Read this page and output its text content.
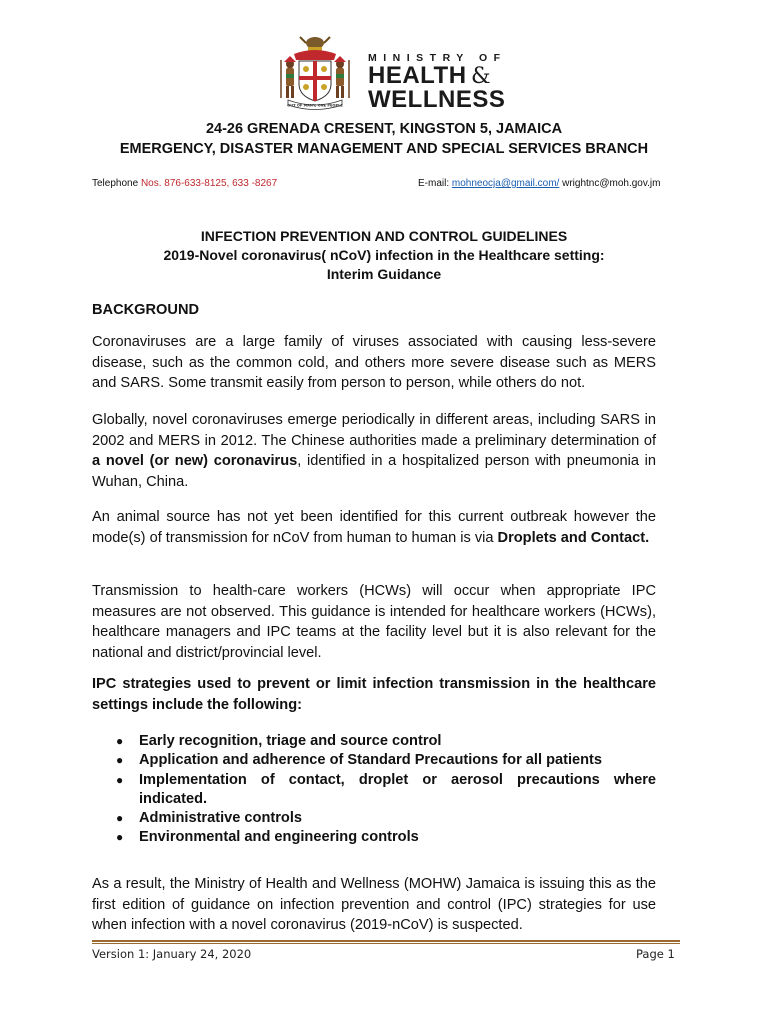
OUT OF MANY, ONE PEOPLE
MINISTRY OF
HEALTH &
WELLNESS
24-26 GRENADA CRESENT, KINGSTON 5, JAMAICA
EMERGENCY, DISASTER MANAGEMENT AND SPECIAL SERVICES BRANCH
Telephone Nos. 876-633-8125, 633 -8267	E-mail: mohneocja@gmail.com/ wrightnc@moh.gov.jm
INFECTION PREVENTION AND CONTROL GUIDELINES
2019-Novel coronavirus( nCoV) infection in the Healthcare setting:
Interim Guidance
BACKGROUND
Coronaviruses are a large family of viruses associated with causing less-severe disease, such as the common cold, and others more severe disease such as MERS and SARS. Some transmit easily from person to person, while others do not.
Globally, novel coronaviruses emerge periodically in different areas, including SARS in 2002 and MERS in 2012. The Chinese authorities made a preliminary determination of a novel (or new) coronavirus, identified in a hospitalized person with pneumonia in Wuhan, China.
An animal source has not yet been identified for this current outbreak however the mode(s) of transmission for nCoV from human to human is via Droplets and Contact.
Transmission to health-care workers (HCWs) will occur when appropriate IPC measures are not observed. This guidance is intended for healthcare workers (HCWs), healthcare managers and IPC teams at the facility level but it is also relevant for the national and district/provincial level.
IPC strategies used to prevent or limit infection transmission in the healthcare settings include the following:
● Early recognition, triage and source control
● Application and adherence of Standard Precautions for all patients
● Implementation of contact, droplet or aerosol precautions where indicated.
● Administrative controls
● Environmental and engineering controls
As a result, the Ministry of Health and Wellness (MOHW) Jamaica is issuing this as the first edition of guidance on infection prevention and control (IPC) strategies for use when infection with a novel coronavirus (2019-nCoV) is suspected.
Version 1: January 24, 2020	Page 1
